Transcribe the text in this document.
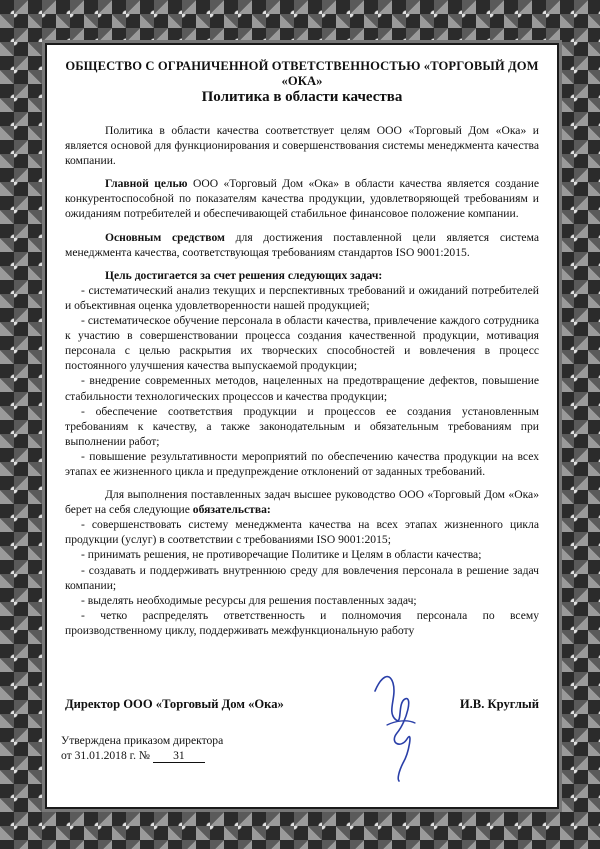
ОБЩЕСТВО С ОГРАНИЧЕННОЙ ОТВЕТСТВЕННОСТЬЮ «ТОРГОВЫЙ ДОМ «ОКА»
Политика в области качества

Политика в области качества соответствует целям ООО «Торговый Дом «Ока» и является основой для функционирования и совершенствования системы менеджмента качества компании.

Главной целью ООО «Торговый Дом «Ока» в области качества является создание конкурентоспособной по показателям качества продукции, удовлетворяющей требованиям и ожиданиям потребителей и обеспечивающей стабильное финансовое положение компании.

Основным средством для достижения поставленной цели является система менеджмента качества, соответствующая требованиям стандартов ISO 9001:2015.

Цель достигается за счет решения следующих задач:
- систематический анализ текущих и перспективных требований и ожиданий потребителей и объективная оценка удовлетворенности нашей продукцией;
- систематическое обучение персонала в области качества, привлечение каждого сотрудника к участию в совершенствовании процесса создания качественной продукции, мотивация персонала с целью раскрытия их творческих способностей и вовлечения в процесс постоянного улучшения качества выпускаемой продукции;
- внедрение современных методов, нацеленных на предотвращение дефектов, повышение стабильности технологических процессов и качества продукции;
- обеспечение соответствия продукции и процессов ее создания установленным требованиям к качеству, а также законодательным и обязательным требованиям при выполнении работ;
- повышение результативности мероприятий по обеспечению качества продукции на всех этапах ее жизненного цикла и предупреждение отклонений от заданных требований.

Для выполнения поставленных задач высшее руководство ООО «Торговый Дом «Ока» берет на себя следующие обязательства:

- совершенствовать систему менеджмента качества на всех этапах жизненного цикла продукции (услуг) в соответствии с требованиями ISO 9001:2015;
- принимать решения, не противоречащие Политике и Целям в области качества;
- создавать и поддерживать внутреннюю среду для вовлечения персонала в решение задач компании;
- выделять необходимые ресурсы для решения поставленных задач;
- четко распределять ответственность и полномочия персонала по всему производственному циклу, поддерживать межфункциональную работу
Директор ООО «Торговый Дом «Ока»	И.В. Круглый
Утверждена приказом директора
от 31.01.2018 г. № 31
